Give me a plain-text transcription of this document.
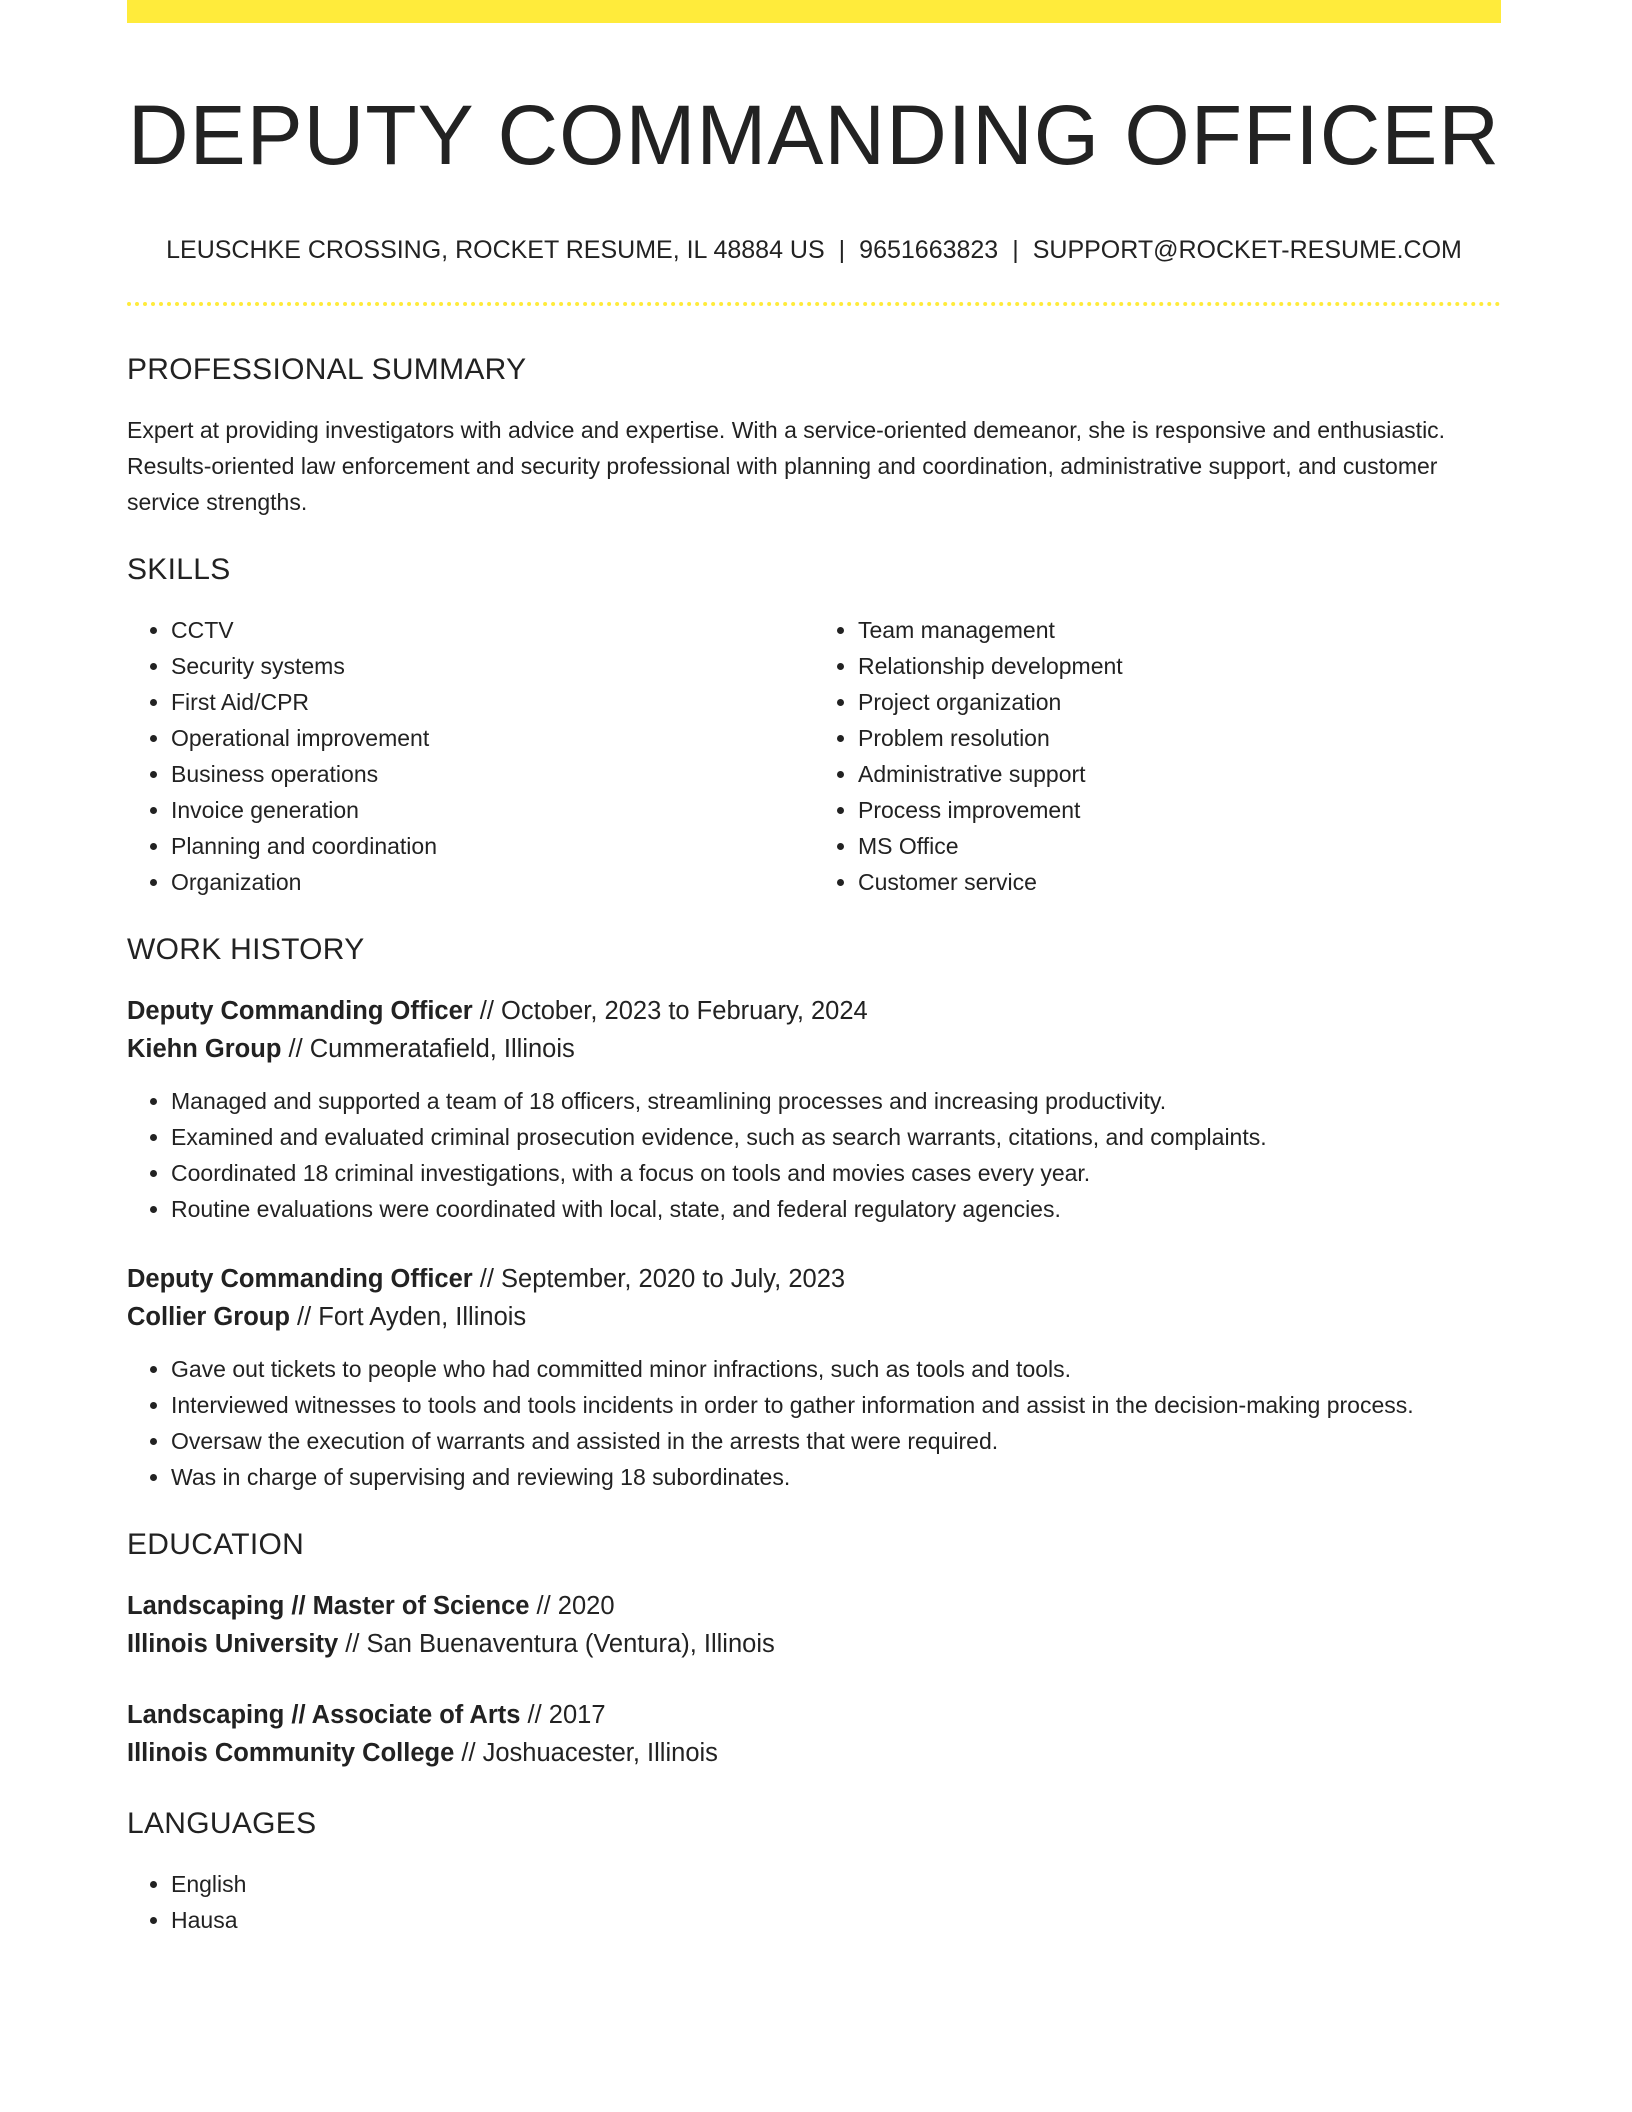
DEPUTY COMMANDING OFFICER
LEUSCHKE CROSSING, ROCKET RESUME, IL 48884 US | 9651663823 | SUPPORT@ROCKET-RESUME.COM
PROFESSIONAL SUMMARY

Expert at providing investigators with advice and expertise. With a service-oriented demeanor, she is responsive and enthusiastic. Results-oriented law enforcement and security professional with planning and coordination, administrative support, and customer service strengths.

SKILLS
• CCTV
• Security systems
• First Aid/CPR
• Operational improvement
• Business operations
• Invoice generation
• Planning and coordination
• Organization
• Team management
• Relationship development
• Project organization
• Problem resolution
• Administrative support
• Process improvement
• MS Office
• Customer service
WORK HISTORY
Deputy Commanding Officer // October, 2023 to February, 2024
Kiehn Group // Cummeratafield, Illinois
• Managed and supported a team of 18 officers, streamlining processes and increasing productivity.
• Examined and evaluated criminal prosecution evidence, such as search warrants, citations, and complaints.
• Coordinated 18 criminal investigations, with a focus on tools and movies cases every year.
• Routine evaluations were coordinated with local, state, and federal regulatory agencies.
Deputy Commanding Officer // September, 2020 to July, 2023
Collier Group // Fort Ayden, Illinois
• Gave out tickets to people who had committed minor infractions, such as tools and tools.
• Interviewed witnesses to tools and tools incidents in order to gather information and assist in the decision-making process.
• Oversaw the execution of warrants and assisted in the arrests that were required.
• Was in charge of supervising and reviewing 18 subordinates.
EDUCATION
Landscaping // Master of Science // 2020
Illinois University // San Buenaventura (Ventura), Illinois
Landscaping // Associate of Arts // 2017
Illinois Community College // Joshuacester, Illinois
LANGUAGES
• English
• Hausa
